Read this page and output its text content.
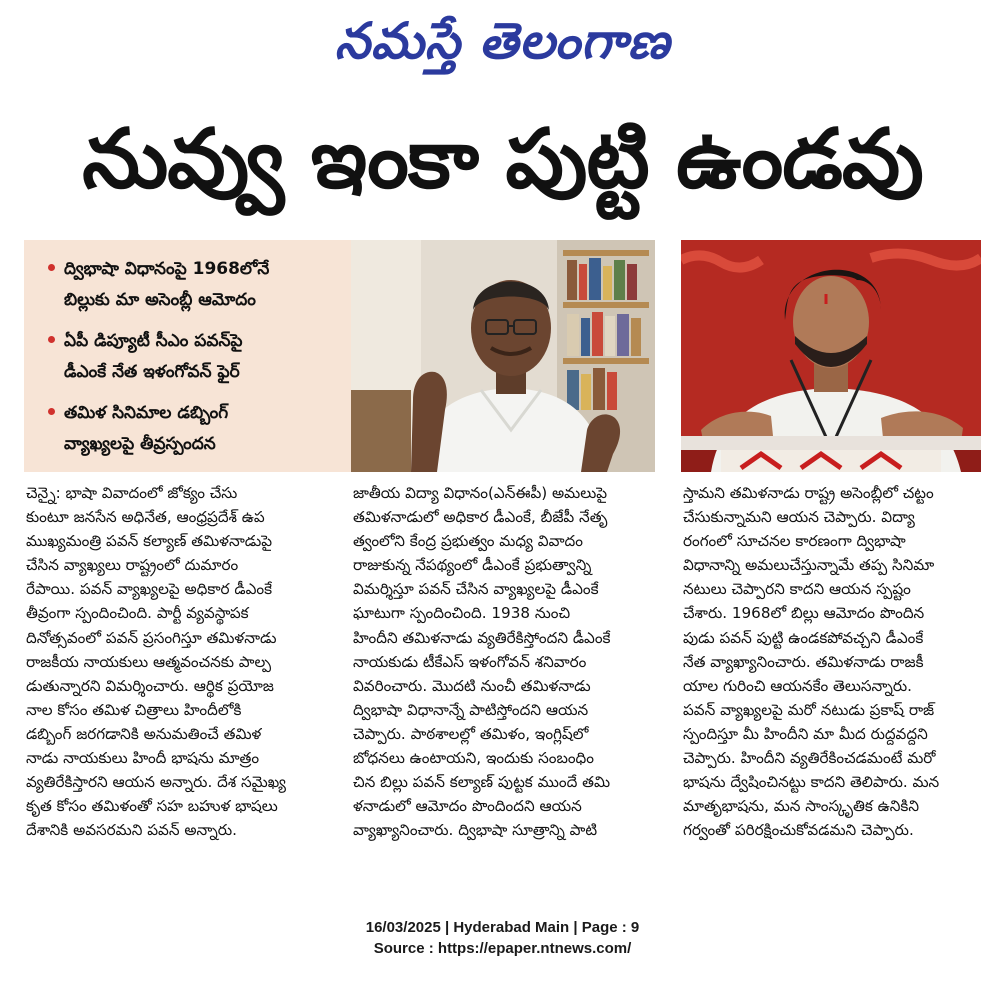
నమస్తే తెలంగాణ
నువ్వు ఇంకా పుట్టి ఉండవు
ద్విభాషా విధానంపై 1968లోనే
బిల్లుకు మా అసెంబ్లీ ఆమోదం
ఏపీ డిప్యూటీ సీఎం పవన్‌పై
డీఎంకే నేత ఇళంగోవన్ ఫైర్
తమిళ సినిమాల డబ్బింగ్
వ్యాఖ్యలపై తీవ్రస్పందన
చెన్నై: భాషా వివాదంలో జోక్యం చేసు
కుంటూ జనసేన అధినేత, ఆంధ్రప్రదేశ్ ఉప
ముఖ్యమంత్రి పవన్ కల్యాణ్ తమిళనాడుపై
చేసిన వ్యాఖ్యలు రాష్ట్రంలో దుమారం
రేపాయి. పవన్ వ్యాఖ్యలపై అధికార డీఎంకే
తీవ్రంగా స్పందించింది. పార్టీ వ్యవస్థాపక
దినోత్సవంలో పవన్ ప్రసంగిస్తూ తమిళనాడు
రాజకీయ నాయకులు ఆత్మవంచనకు పాల్ప
డుతున్నారని విమర్శించారు. ఆర్థిక ప్రయోజ
నాల కోసం తమిళ చిత్రాలు హిందీలోకి
డబ్బింగ్ జరగడానికి అనుమతించే తమిళ
నాడు నాయకులు హిందీ భాషను మాత్రం
వ్యతిరేకిస్తారని ఆయన అన్నారు. దేశ సమైఖ్య
కృత కోసం తమిళంతో సహ బహుళ భాషలు
దేశానికి అవసరమని పవన్ అన్నారు.
జాతీయ విద్యా విధానం(ఎన్‌ఈపీ) అమలుపై
తమిళనాడులో అధికార డీఎంకే, బీజేపీ నేతృ
త్వంలోని కేంద్ర ప్రభుత్వం మధ్య వివాదం
రాజుకున్న నేపథ్యంలో డీఎంకే ప్రభుత్వాన్ని
విమర్శిస్తూ పవన్ చేసిన వ్యాఖ్యలపై డీఎంకే
ఘాటుగా స్పందించింది. 1938 నుంచి
హిందీని తమిళనాడు వ్యతిరేకిస్తోందని డీఎంకే
నాయకుడు టీకేఎస్ ఇళంగోవన్ శనివారం
వివరించారు. మొదటి నుంచీ తమిళనాడు
ద్విభాషా విధానాన్నే పాటిస్తోందని ఆయన
చెప్పారు. పాఠశాలల్లో తమిళం, ఇంగ్లిష్‌లో
బోధనలు ఉంటాయని, ఇందుకు సంబంధిం
చిన బిల్లు పవన్ కల్యాణ్ పుట్టక ముందే తమి
ళనాడులో ఆమోదం పొందిందని ఆయన
వ్యాఖ్యానించారు. ద్విభాషా సూత్రాన్ని పాటి
స్తామని తమిళనాడు రాష్ట్ర అసెంబ్లీలో చట్టం
చేసుకున్నామని ఆయన చెప్పారు. విద్యా
రంగంలో సూచనల కారణంగా ద్విభాషా
విధానాన్ని అమలుచేస్తున్నామే తప్ప సినిమా
నటులు చెప్పారని కాదని ఆయన స్పష్టం
చేశారు. 1968లో బిల్లు ఆమోదం పొందిన
పుడు పవన్ పుట్టి ఉండకపోవచ్చని డీఎంకే
నేత వ్యాఖ్యానించారు. తమిళనాడు రాజకీ
యాల గురించి ఆయనకేం తెలుసన్నారు.
పవన్ వ్యాఖ్యలపై మరో నటుడు ప్రకాష్ రాజ్
స్పందిస్తూ మీ హిందీని మా మీద రుద్దవద్దని
చెప్పారు. హిందీని వ్యతిరేకించడమంటే మరో
భాషను ద్వేషించినట్టు కాదని తెలిపారు. మన
మాతృభాషను, మన సాంస్కృతిక ఉనికిని
గర్వంతో పరిరక్షించుకోవడమని చెప్పారు.
16/03/2025 | Hyderabad Main | Page : 9
Source : https://epaper.ntnews.com/
